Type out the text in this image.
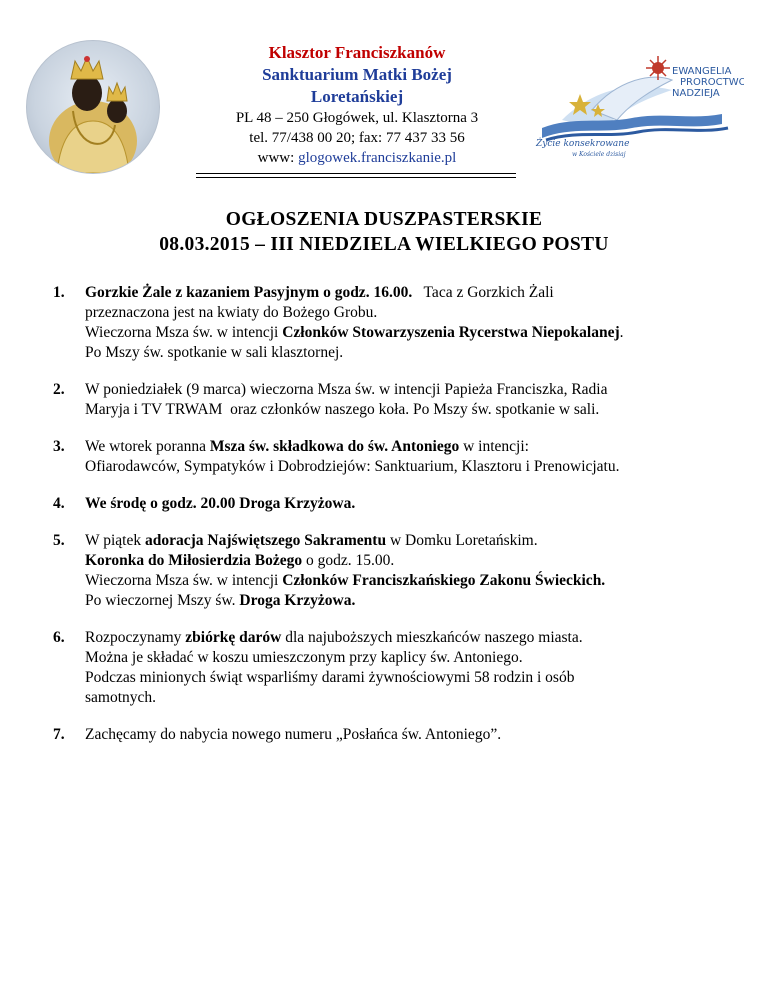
Klasztor Franciszkanów
Sanktuarium Matki Bożej
Loretańskiej
PL 48 – 250 Głogówek, ul. Klasztorna 3
tel. 77/438 00 20; fax: 77 437 33 56
www: glogowek.franciszkanie.pl
EWANGELIA
PROROCTWO
NADZIEJA
Życie konsekrowane
w Kościele dzisiaj
OGŁOSZENIA DUSZPASTERSKIE
08.03.2015 – III NIEDZIELA WIELKIEGO POSTU
1. Gorzkie Żale z kazaniem Pasyjnym o godz. 16.00.   Taca z Gorzkich Żali
przeznaczona jest na kwiaty do Bożego Grobu.
Wieczorna Msza św. w intencji Członków Stowarzyszenia Rycerstwa Niepokalanej.
Po Mszy św. spotkanie w sali klasztornej.
2. W poniedziałek (9 marca) wieczorna Msza św. w intencji Papieża Franciszka, Radia
Maryja i TV TRWAM  oraz członków naszego koła. Po Mszy św. spotkanie w sali.
3. We wtorek poranna Msza św. składkowa do św. Antoniego w intencji:
Ofiarodawców, Sympatyków i Dobrodziejów: Sanktuarium, Klasztoru i Prenowicjatu.
4. We środę o godz. 20.00 Droga Krzyżowa.
5. W piątek adoracja Najświętszego Sakramentu w Domku Loretańskim.
Koronka do Miłosierdzia Bożego o godz. 15.00.
Wieczorna Msza św. w intencji Członków Franciszkańskiego Zakonu Świeckich.
Po wieczornej Mszy św. Droga Krzyżowa.
6. Rozpoczynamy zbiórkę darów dla najuboższych mieszkańców naszego miasta.
Można je składać w koszu umieszczonym przy kaplicy św. Antoniego.
Podczas minionych świąt wsparliśmy darami żywnościowymi 58 rodzin i osób
samotnych.
7. Zachęcamy do nabycia nowego numeru „Posłańca św. Antoniego”.
